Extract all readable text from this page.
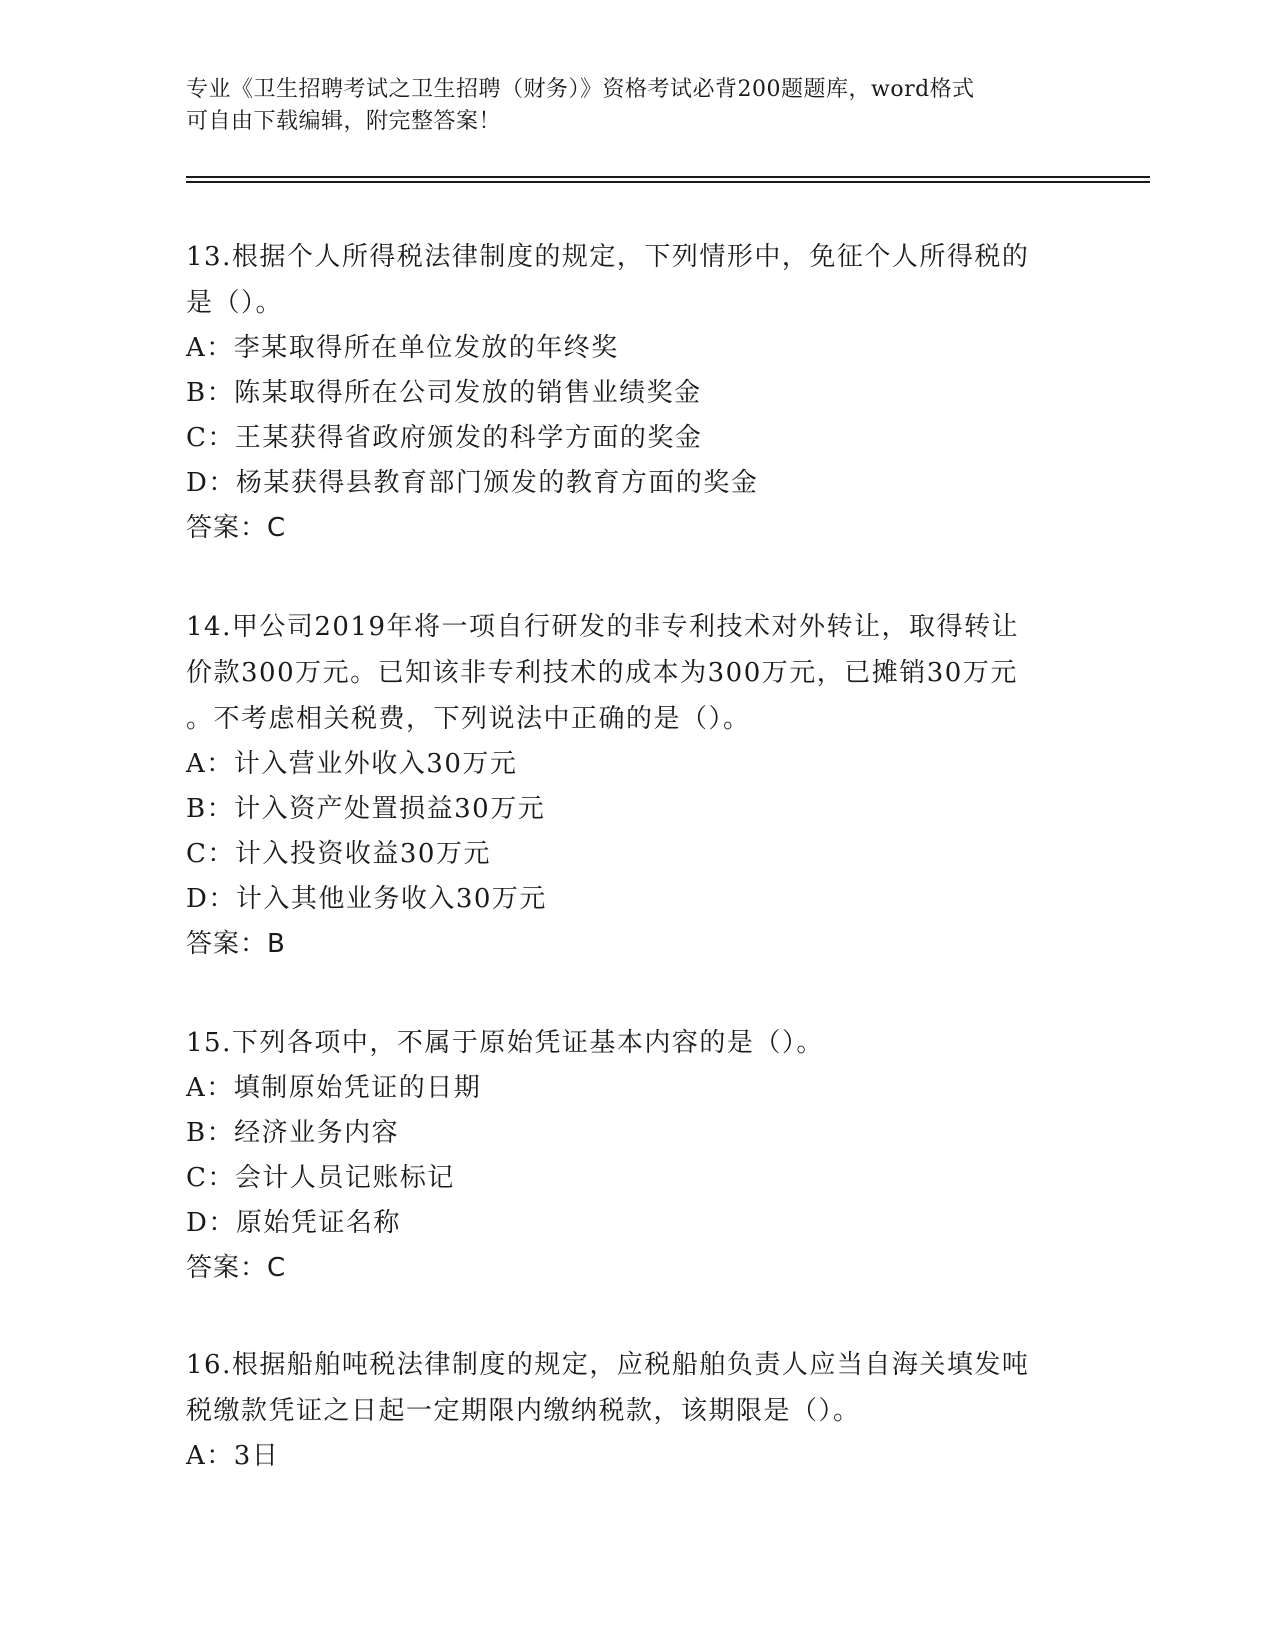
专业《卫生招聘考试之卫生招聘（财务）》资格考试必背200题题库，word格式
可自由下载编辑，附完整答案！
13.根据个人所得税法律制度的规定，下列情形中，免征个人所得税的
是（）。
A：李某取得所在单位发放的年终奖
B：陈某取得所在公司发放的销售业绩奖金
C：王某获得省政府颁发的科学方面的奖金
D：杨某获得县教育部门颁发的教育方面的奖金
答案：C
14.甲公司2019年将一项自行研发的非专利技术对外转让，取得转让
价款300万元。已知该非专利技术的成本为300万元，已摊销30万元
。不考虑相关税费，下列说法中正确的是（）。
A：计入营业外收入30万元
B：计入资产处置损益30万元
C：计入投资收益30万元
D：计入其他业务收入30万元
答案：B
15.下列各项中，不属于原始凭证基本内容的是（）。
A：填制原始凭证的日期
B：经济业务内容
C：会计人员记账标记
D：原始凭证名称
答案：C
16.根据船舶吨税法律制度的规定，应税船舶负责人应当自海关填发吨
税缴款凭证之日起一定期限内缴纳税款，该期限是（）。
A：3日
